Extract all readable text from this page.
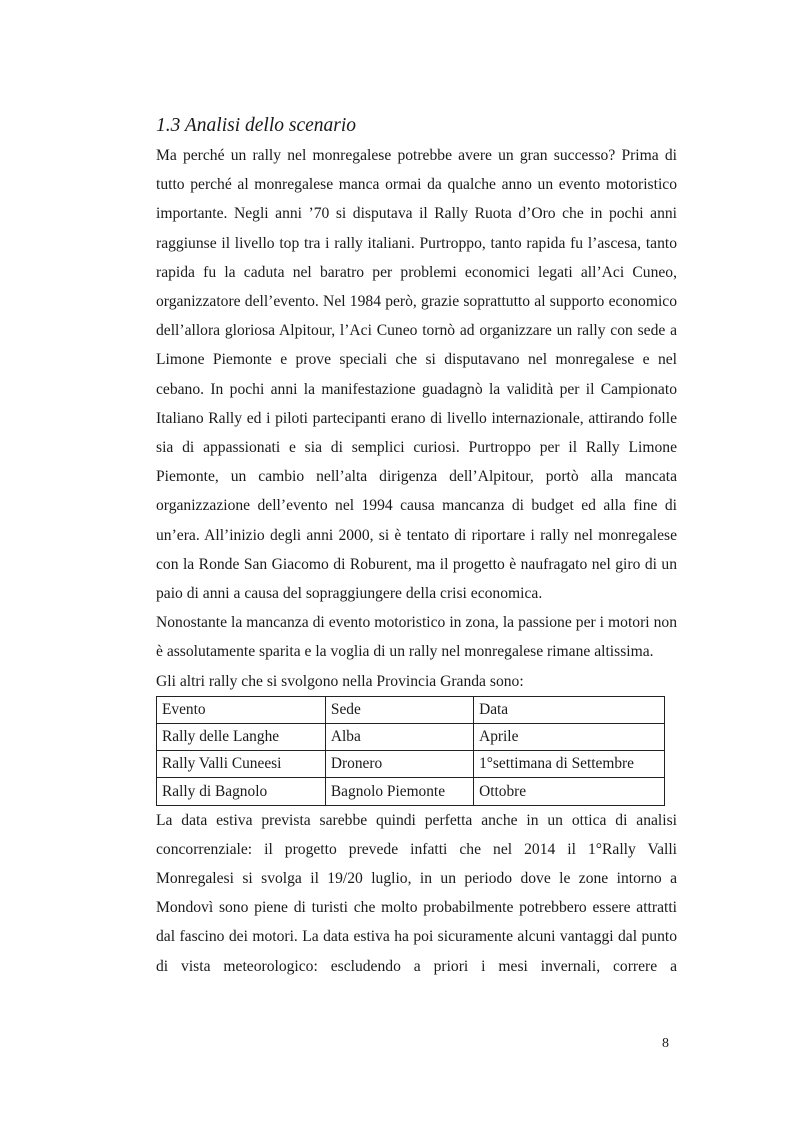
1.3 Analisi dello scenario

Ma perché un rally nel monregalese potrebbe avere un gran successo? Prima di tutto perché al monregalese manca ormai da qualche anno un evento motoristico importante. Negli anni ’70 si disputava il Rally Ruota d’Oro che in pochi anni raggiunse il livello top tra i rally italiani. Purtroppo, tanto rapida fu l’ascesa, tanto rapida fu la caduta nel baratro per problemi economici legati all’Aci Cuneo, organizzatore dell’evento. Nel 1984 però, grazie soprattutto al supporto economico dell’allora gloriosa Alpitour, l’Aci Cuneo tornò ad organizzare un rally con sede a Limone Piemonte e prove speciali che si disputavano nel monregalese e nel cebano. In pochi anni la manifestazione guadagnò la validità per il Campionato Italiano Rally ed i piloti partecipanti erano di livello internazionale, attirando folle sia di appassionati e sia di semplici curiosi. Purtroppo per il Rally Limone Piemonte, un cambio nell’alta dirigenza dell’Alpitour, portò alla mancata organizzazione dell’evento nel 1994 causa mancanza di budget ed alla fine di un’era. All’inizio degli anni 2000, si è tentato di riportare i rally nel monregalese con la Ronde San Giacomo di Roburent, ma il progetto è naufragato nel giro di un paio di anni a causa del sopraggiungere della crisi economica.

Nonostante la mancanza di evento motoristico in zona, la passione per i motori non è assolutamente sparita e la voglia di un rally nel monregalese rimane altissima.

Gli altri rally che si svolgono nella Provincia Granda sono:

Evento	Sede	Data
Rally delle Langhe	Alba	Aprile
Rally Valli Cuneesi	Dronero	1°settimana di Settembre
Rally di Bagnolo	Bagnolo Piemonte	Ottobre

La data estiva prevista sarebbe quindi perfetta anche in un ottica di analisi concorrenziale: il progetto prevede infatti che nel 2014 il 1°Rally Valli Monregalesi si svolga il 19/20 luglio, in un periodo dove le zone intorno a Mondovì sono piene di turisti che molto probabilmente potrebbero essere attratti dal fascino dei motori. La data estiva ha poi sicuramente alcuni vantaggi dal punto di vista meteorologico: escludendo a priori i mesi invernali, correre a

8
